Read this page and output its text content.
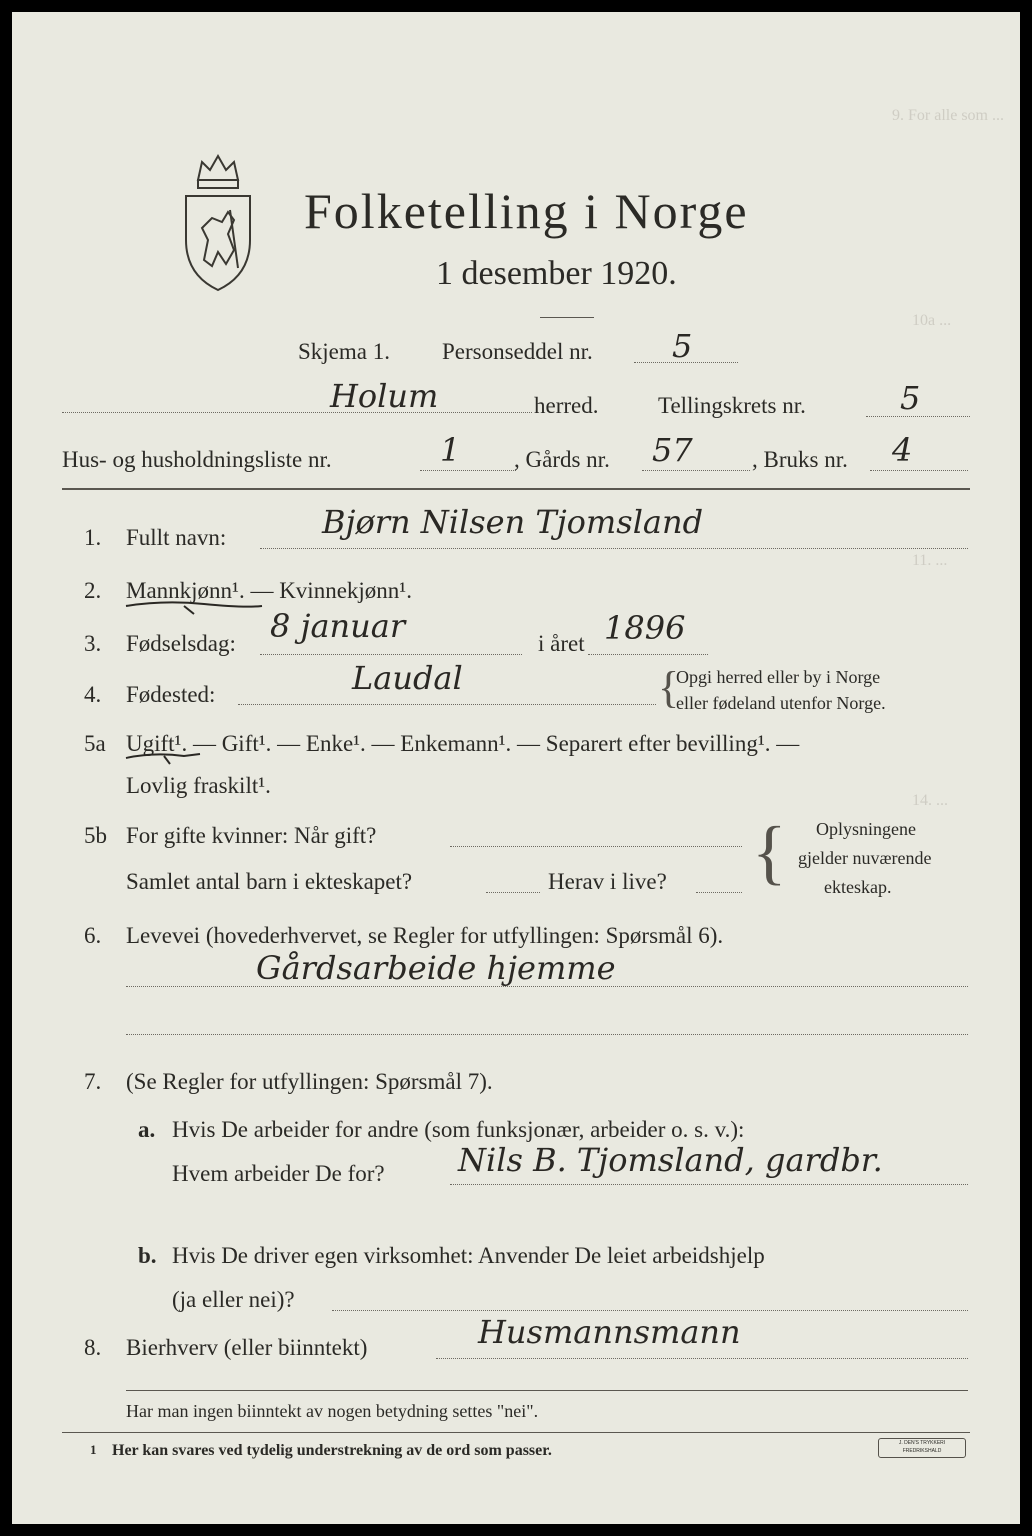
9. For alle som ...
10a ...
11. ...
14. ...
Folketelling i Norge
1 desember 1920.
Skjema 1. Personseddel nr. 5
Holum	herred.	Tellingskrets nr.	5
Hus- og husholdningsliste nr.	1 , Gårds nr. 57	, Bruks nr. 4
1. Fullt navn:	Bjørn Nilsen Tjomsland
2. Mannkjønn¹. — Kvinnekjønn¹.
3. Fødselsdag: 8 januar	i året 1896
4. Fødested:	Laudal	{
Opgi herred eller by i Norge
eller fødeland utenfor Norge.
5a Ugift¹. — Gift¹. — Enke¹. — Enkemann¹. — Separert efter bevilling¹. —
Lovlig fraskilt¹.
5b For gifte kvinner: Når gift?
Samlet antal barn i ekteskapet?	Herav i live? { Oplysningene
gjelder nuværende
ekteskap.
6. Levevei (hovederhvervet, se Regler for utfyllingen: Spørsmål 6).
Gårdsarbeide hjemme
7. (Se Regler for utfyllingen: Spørsmål 7).
a. Hvis De arbeider for andre (som funksjonær, arbeider o. s. v.):
Hvem arbeider De for? Nils B. Tjomsland, gardbr.
b. Hvis De driver egen virksomhet: Anvender De leiet arbeidshjelp
(ja eller nei)?
8. Bierhverv (eller biinntekt)	Husmannsmann
Har man ingen biinntekt av nogen betydning settes "nei".
1 Her kan svares ved tydelig understrekning av de ord som passer.	J. DEN'S TRYKKERI FREDRIKSHALD
